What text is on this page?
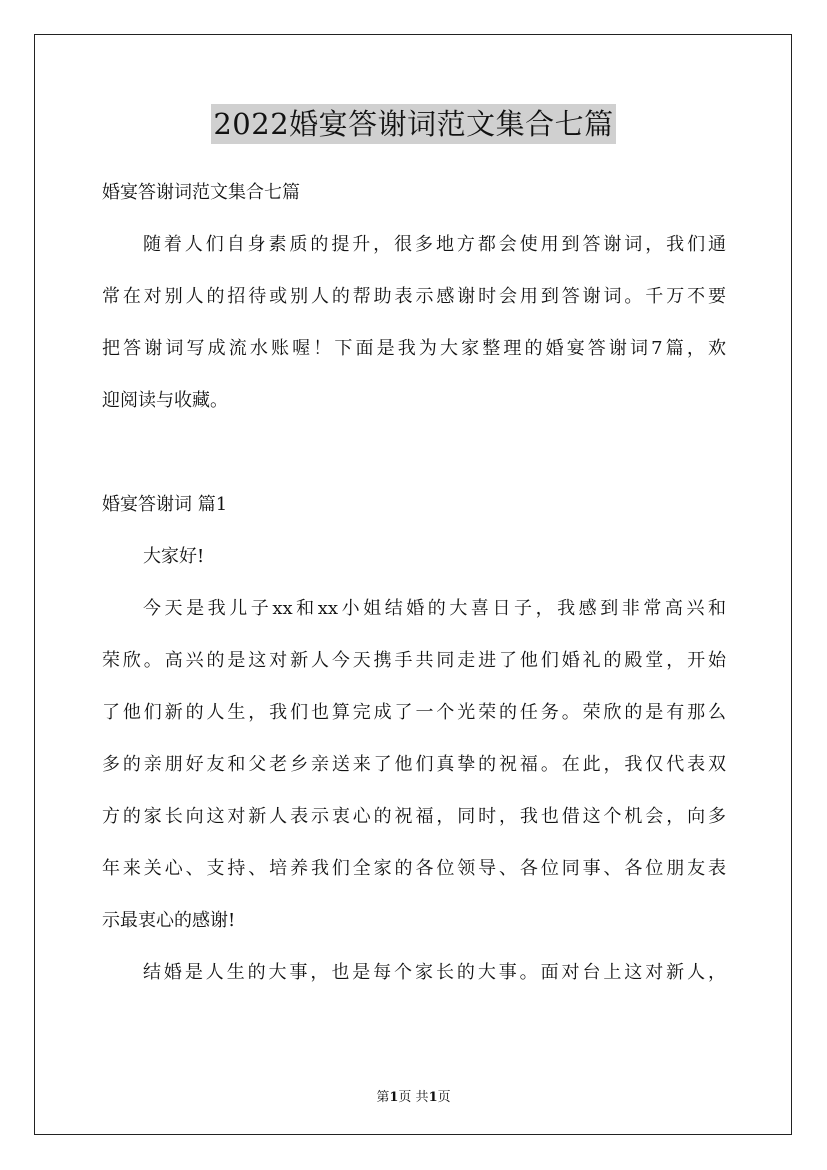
2022婚宴答谢词范文集合七篇
婚宴答谢词范文集合七篇
随着人们自身素质的提升，很多地方都会使用到答谢词，我们通
常在对别人的招待或别人的帮助表示感谢时会用到答谢词。千万不要
把答谢词写成流水账喔！下面是我为大家整理的婚宴答谢词7篇，欢
迎阅读与收藏。
婚宴答谢词 篇1
大家好!
今天是我儿子xx和xx小姐结婚的大喜日子，我感到非常高兴和
荣欣。高兴的是这对新人今天携手共同走进了他们婚礼的殿堂，开始
了他们新的人生，我们也算完成了一个光荣的任务。荣欣的是有那么
多的亲朋好友和父老乡亲送来了他们真挚的祝福。在此，我仅代表双
方的家长向这对新人表示衷心的祝福，同时，我也借这个机会，向多
年来关心、支持、培养我们全家的各位领导、各位同事、各位朋友表
示最衷心的感谢!
结婚是人生的大事，也是每个家长的大事。面对台上这对新人，
第1页 共1页
